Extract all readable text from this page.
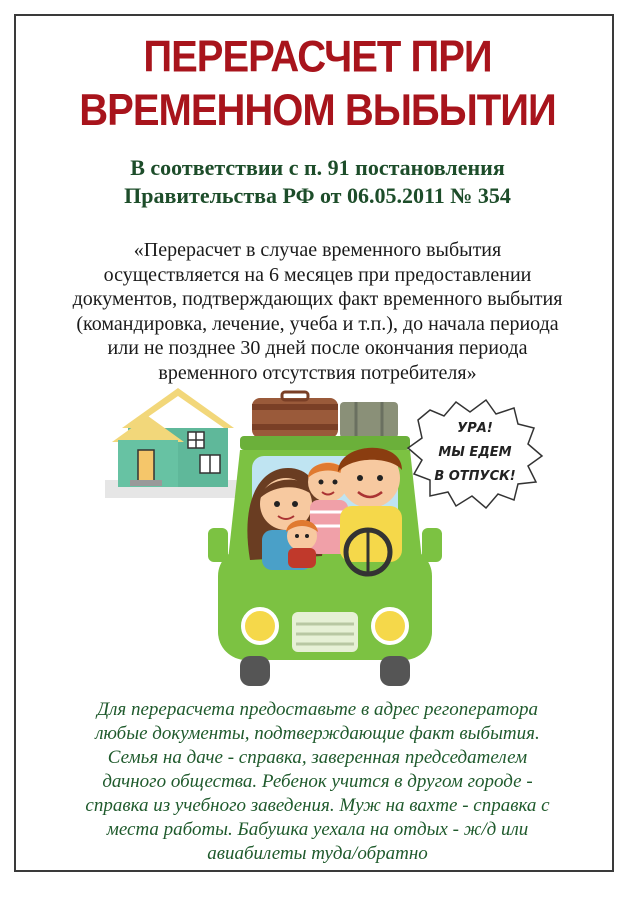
ПЕРЕРАСЧЕТ ПРИ
ВРЕМЕННОМ ВЫБЫТИИ
В соответствии с п. 91 постановления
Правительства РФ от 06.05.2011 № 354
«Перерасчет в случае временного выбытия
осуществляется на 6 месяцев при предоставлении
документов, подтверждающих факт временного выбытия
(командировка, лечение, учеба и т.п.), до начала периода
или не позднее 30 дней после окончания периода
временного отсутствия потребителя»
УРА!
МЫ ЕДЕМ
В ОТПУСК!
Для перерасчета предоставьте в адрес регоператора
любые документы, подтверждающие факт выбытия.
Семья на даче - справка, заверенная председателем
дачного общества. Ребенок учится в другом городе -
справка из учебного заведения. Муж на вахте - справка с
места работы. Бабушка уехала на отдых - ж/д или
авиабилеты туда/обратно
